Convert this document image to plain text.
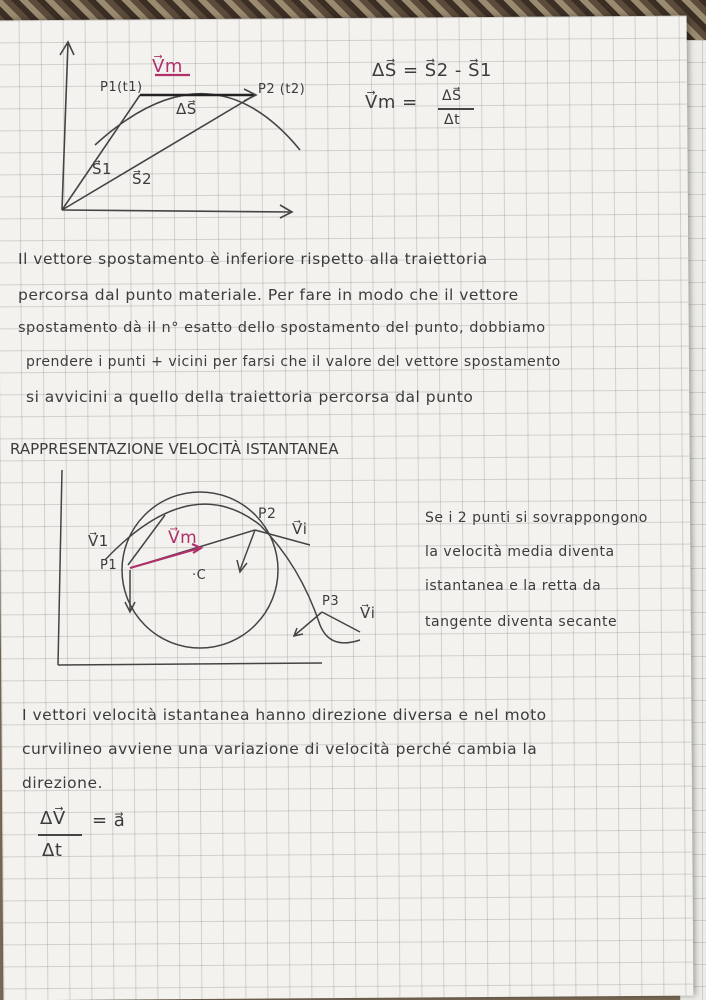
V⃗m
P1(t1)	P2 (t2)
ΔS⃗
S⃗1
S⃗2
ΔS⃗ = S⃗2 - S⃗1
V⃗m = ΔS⃗
Δt
Il vettore spostamento è inferiore rispetto alla traiettoria
percorsa dal punto materiale. Per fare in modo che il vettore
spostamento dà il n° esatto dello spostamento del punto, dobbiamo
prendere i punti + vicini per farsi che il valore del vettore spostamento
si avvicini a quello della traiettoria percorsa dal punto
RAPPRESENTAZIONE VELOCITÀ ISTANTANEA
V⃗1
P1
V⃗m
P2
V⃗i
·C
P3
V⃗i
Se i 2 punti si sovrappongono
la velocità media diventa
istantanea e la retta da
tangente diventa secante
I vettori velocità istantanea hanno direzione diversa e nel moto
curvilineo avviene una variazione di velocità perché cambia la
direzione.
ΔV⃗
Δt
= a⃗
